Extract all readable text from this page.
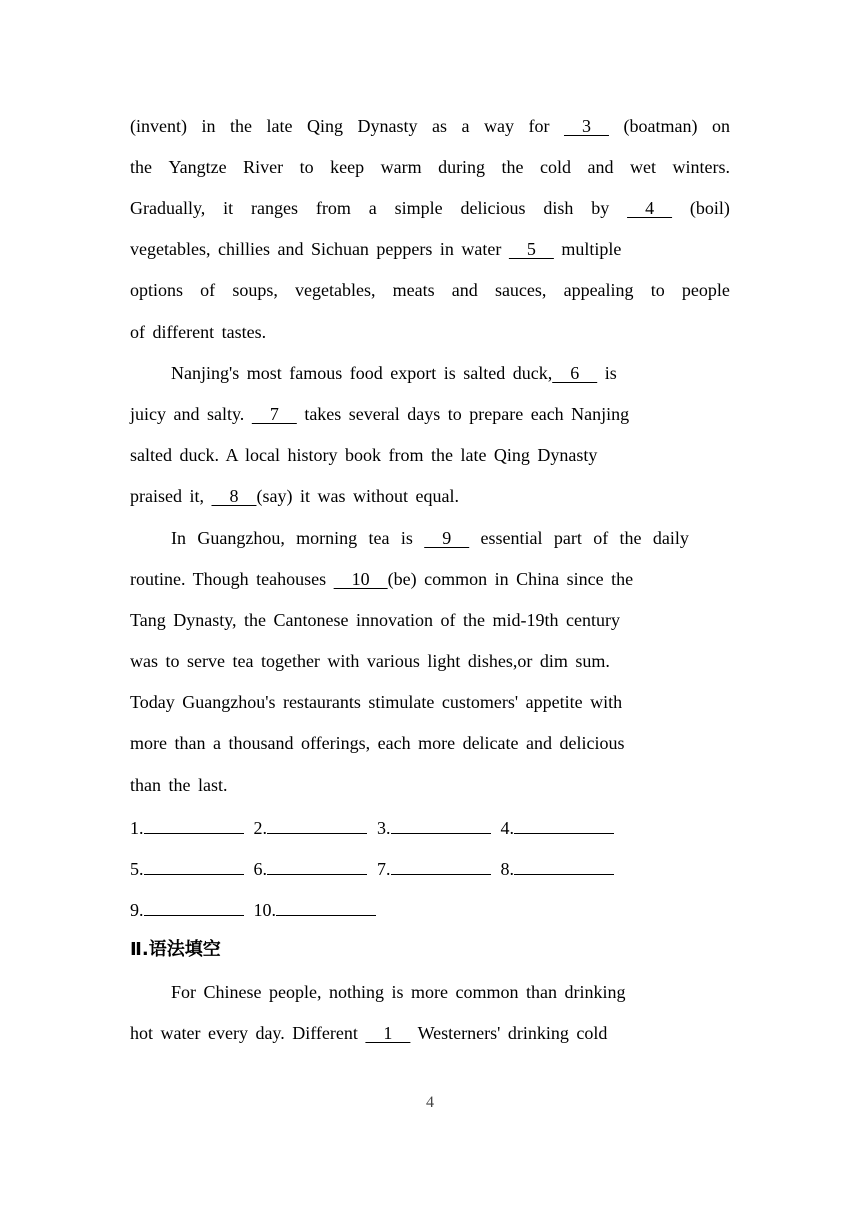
(invent) in the late Qing Dynasty as a way for   3   (boatman) on
the Yangtze River to keep warm during the cold and wet winters.
Gradually, it ranges from a simple delicious dish by   4   (boil)
vegetables, chillies and Sichuan peppers in water   5   multiple
options of soups, vegetables, meats and sauces, appealing to people
of different tastes.
Nanjing's most famous food export is salted duck,   6   is
juicy and salty.   7   takes several days to prepare each Nanjing
salted duck. A local history book from the late Qing Dynasty
praised it,   8   (say) it was without equal.
In Guangzhou, morning tea is   9   essential part of the daily
routine. Though teahouses   10   (be) common in China since the
Tang Dynasty, the Cantonese innovation of the mid-19th century
was to serve tea together with various light dishes,or dim sum.
Today Guangzhou's restaurants stimulate customers' appetite with
more than a thousand offerings, each more delicate and delicious
than the last.
1.	2.	3.	4.
5.	6.	7.	8.
9.	10.
Ⅱ.语法填空
For Chinese people, nothing is more common than drinking
hot water every day. Different   1   Westerners' drinking cold
4
